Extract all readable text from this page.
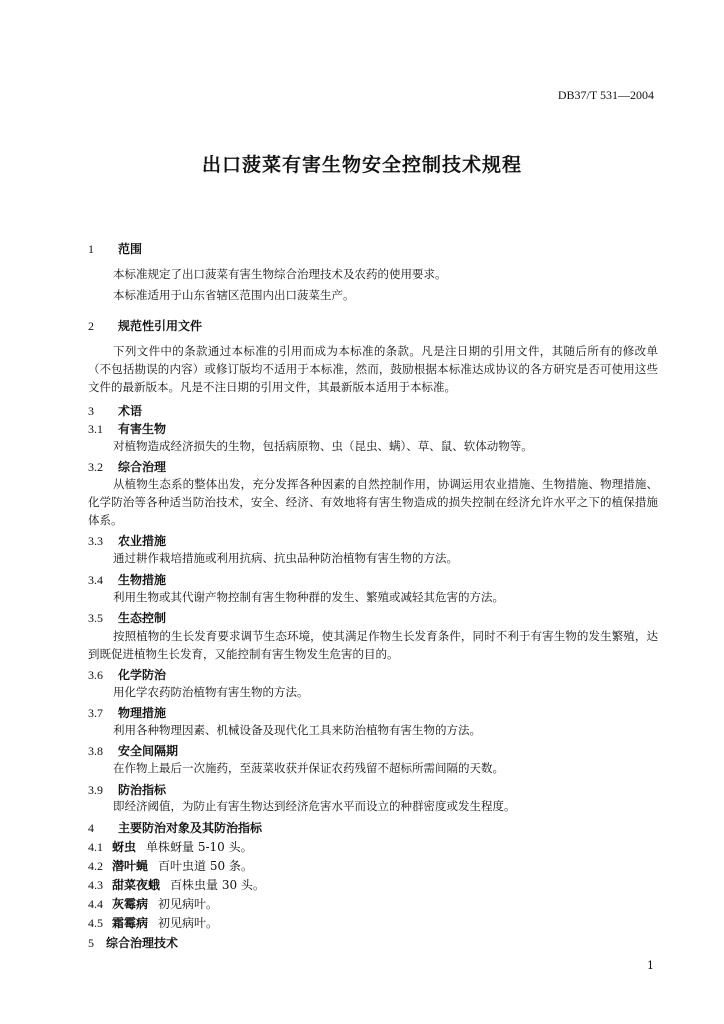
DB37/T 531—2004
出口菠菜有害生物安全控制技术规程
1 范围
本标准规定了出口菠菜有害生物综合治理技术及农药的使用要求。
本标准适用于山东省辖区范围内出口菠菜生产。
2 规范性引用文件
下列文件中的条款通过本标准的引用而成为本标准的条款。凡是注日期的引用文件，其随后所有的修改单（不包括勘误的内容）或修订版均不适用于本标准，然而，鼓励根据本标准达成协议的各方研究是否可使用这些文件的最新版本。凡是不注日期的引用文件，其最新版本适用于本标准。
3 术语
3.1 有害生物
对植物造成经济损失的生物，包括病原物、虫（昆虫、螨）、草、鼠、软体动物等。
3.2 综合治理
从植物生态系的整体出发，充分发挥各种因素的自然控制作用，协调运用农业措施、生物措施、物理措施、化学防治等各种适当防治技术，安全、经济、有效地将有害生物造成的损失控制在经济允许水平之下的植保措施体系。
3.3 农业措施
通过耕作栽培措施或利用抗病、抗虫品种防治植物有害生物的方法。
3.4 生物措施
利用生物或其代谢产物控制有害生物种群的发生、繁殖或减轻其危害的方法。
3.5 生态控制
按照植物的生长发育要求调节生态环境，使其满足作物生长发育条件，同时不利于有害生物的发生繁殖，达到既促进植物生长发育，又能控制有害生物发生危害的目的。
3.6 化学防治
用化学农药防治植物有害生物的方法。
3.7 物理措施
利用各种物理因素、机械设备及现代化工具来防治植物有害生物的方法。
3.8 安全间隔期
在作物上最后一次施药，至菠菜收获并保证农药残留不超标所需间隔的天数。
3.9 防治指标
即经济阈值，为防止有害生物达到经济危害水平而设立的种群密度或发生程度。
4 主要防治对象及其防治指标
4.1 蚜虫 单株蚜量 5-10 头。
4.2 潜叶蝇 百叶虫道 50 条。
4.3 甜菜夜蛾 百株虫量 30 头。
4.4 灰霉病 初见病叶。
4.5 霜霉病 初见病叶。
5 综合治理技术
1
